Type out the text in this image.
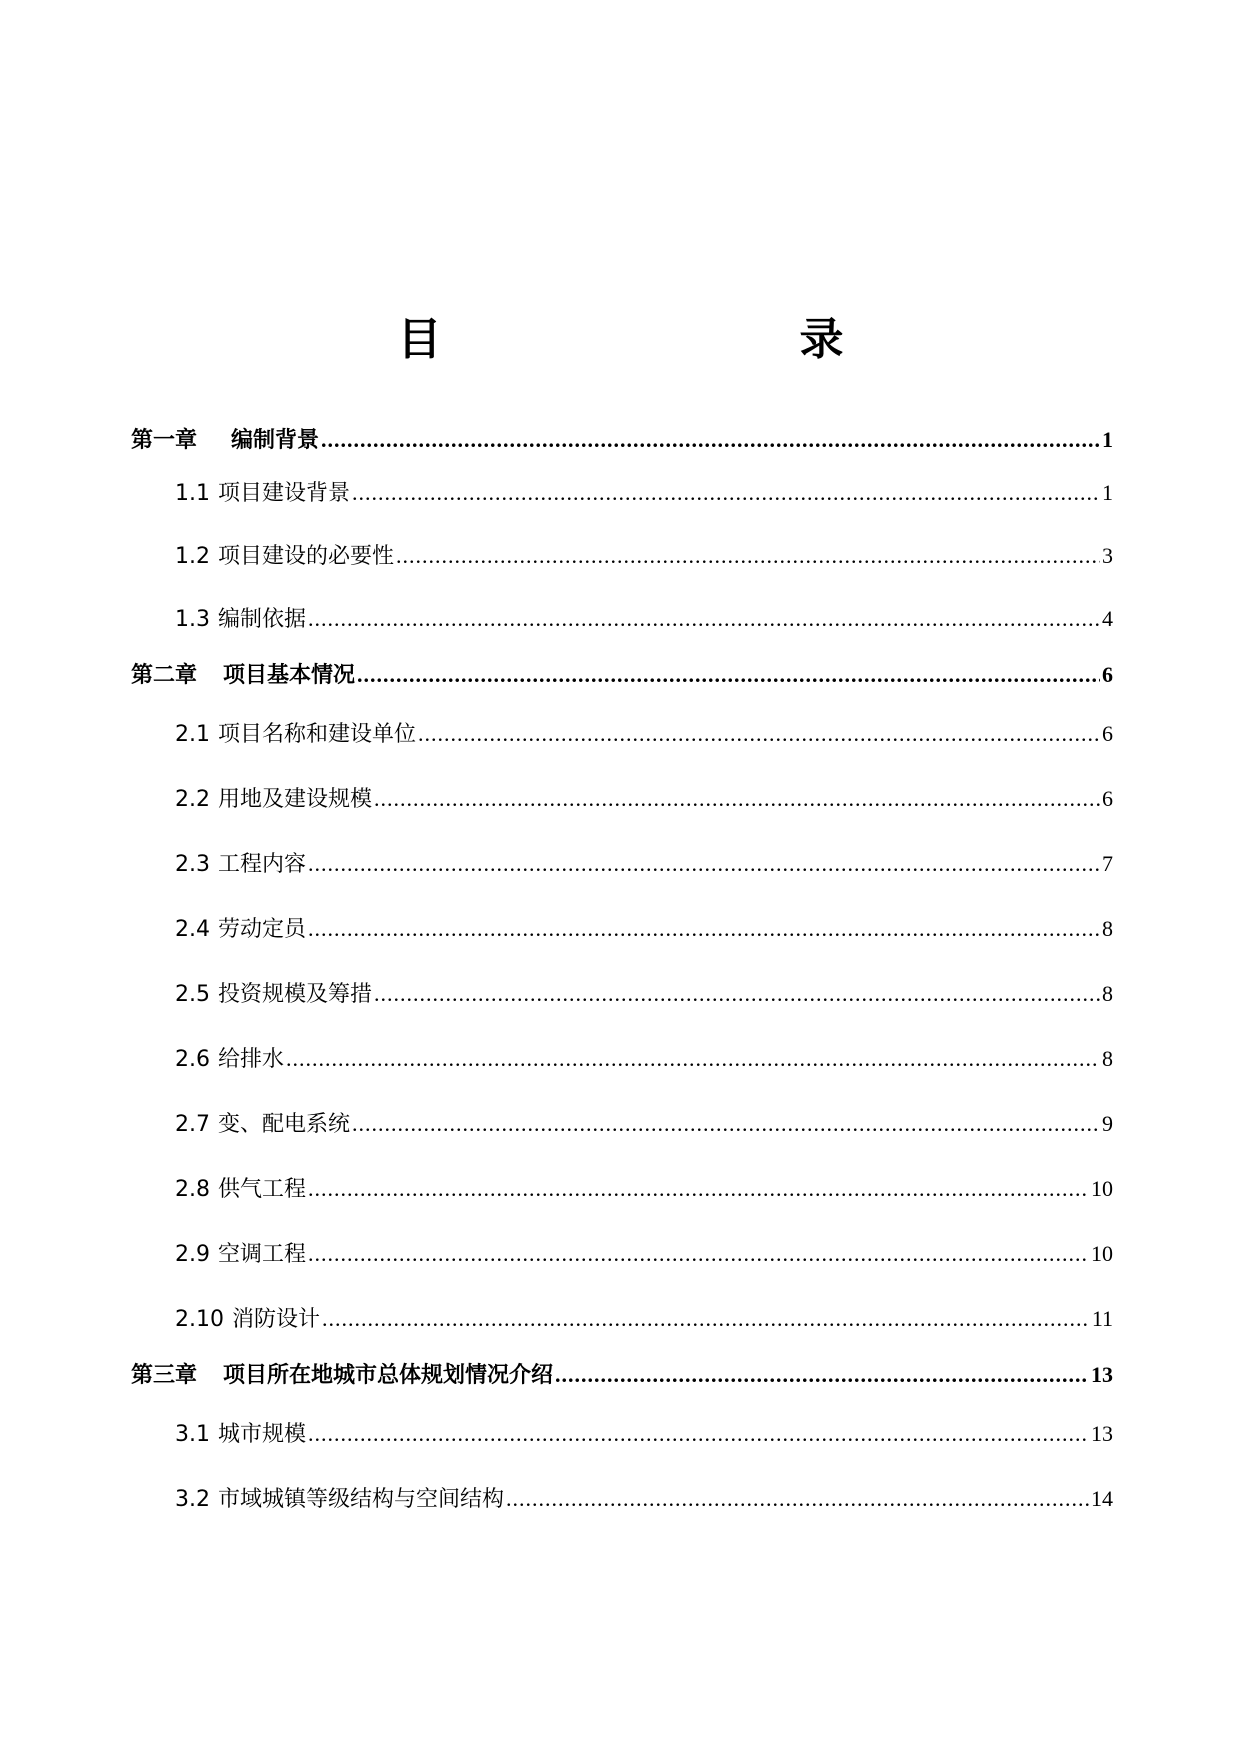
目　　录
第一章 编制背景 .....	1
1.1 项目建设背景 .....	1
1.2 项目建设的必要性 .....	3
1.3 编制依据 .....	4
第二章 项目基本情况 .....	6
2.1 项目名称和建设单位 .....	6
2.2 用地及建设规模 .....	6
2.3 工程内容 .....	7
2.4 劳动定员 .....	8
2.5 投资规模及筹措 .....	8
2.6 给排水 .....	8
2.7 变、配电系统 .....	9
2.8 供气工程 .....	10
2.9 空调工程 .....	10
2.10 消防设计 .....	11
第三章 项目所在地城市总体规划情况介绍 .....	13
3.1 城市规模 .....	13
3.2 市域城镇等级结构与空间结构 .....	14
